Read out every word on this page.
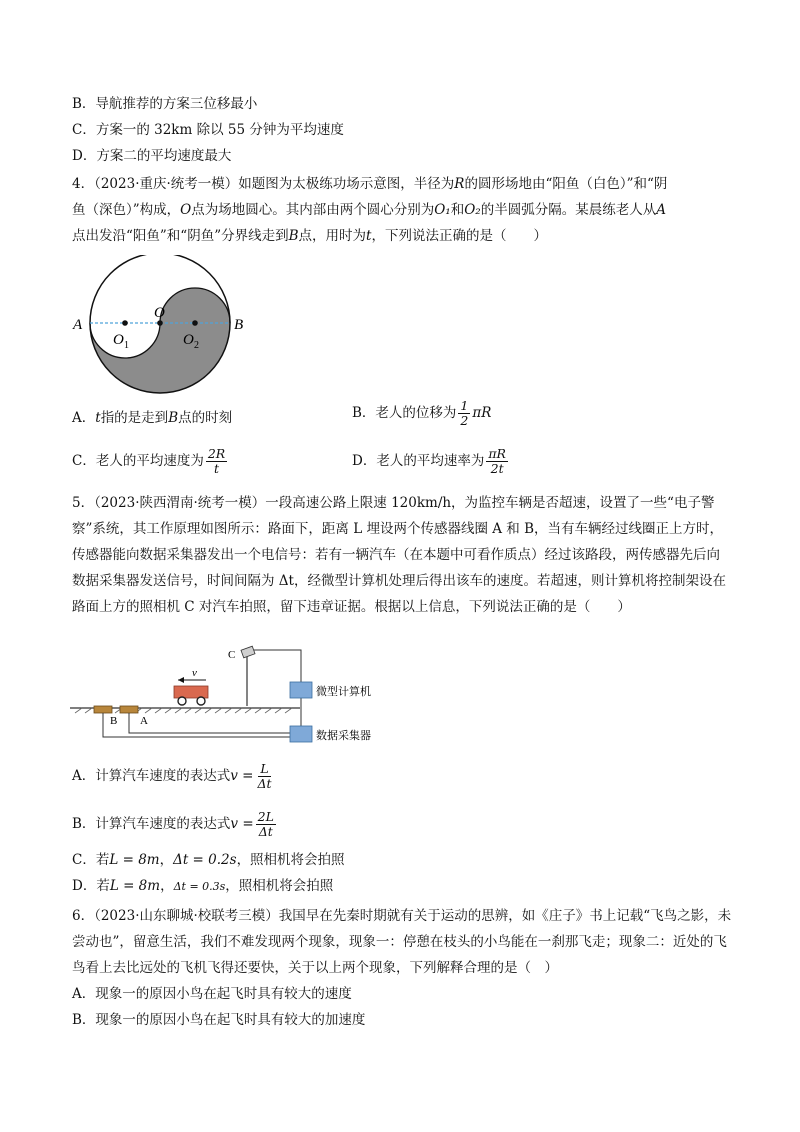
B．导航推荐的方案三位移最小
C．方案一的 32km 除以 55 分钟为平均速度
D．方案二的平均速度最大
4．（2023·重庆·统考一模）如题图为太极练功场示意图，半径为R的圆形场地由“阳鱼（白色）”和“阴
鱼（深色）”构成，O点为场地圆心。其内部由两个圆心分别为O₁和O₂的半圆弧分隔。某晨练老人从A
点出发沿“阳鱼”和“阴鱼”分界线走到B点，用时为t，下列说法正确的是（　　）
A	B
O
O 1	O 2
A．t指的是走到B点的时刻	B．老人的位移为 $\frac{1}{2}$ πR
C．老人的平均速度为 $\frac{2R}{t}$	D．老人的平均速率为 $\frac{\pi R}{2t}$
5．（2023·陕西渭南·统考一模）一段高速公路上限速 120km/h，为监控车辆是否超速，设置了一些“电子警察”系统，其工作原理如图所示：路面下，距离 L 埋设两个传感器线圈 A 和 B，当有车辆经过线圈正上方时，传感器能向数据采集器发出一个电信号：若有一辆汽车（在本题中可看作质点）经过该路段，两传感器先后向数据采集器发送信号，时间间隔为 Δt，经微型计算机处理后得出该车的速度。若超速，则计算机将控制架设在路面上方的照相机 C 对汽车拍照，留下违章证据。根据以上信息，下列说法正确的是（　　）
B A
v
C
微型计算机
数据采集器
A．计算汽车速度的表达式$v = \frac{L}{\Delta t}$
B．计算汽车速度的表达式$v = \frac{2L}{\Delta t}$
C．若L = 8m，Δt = 0.2s，照相机将会拍照
D．若L = 8m，Δt = 0.3s，照相机将会拍照
6．（2023·山东聊城·校联考三模）我国早在先秦时期就有关于运动的思辨，如《庄子》书上记载“飞鸟之影，未尝动也”，留意生活，我们不难发现两个现象，现象一：停憩在枝头的小鸟能在一刹那飞走；现象二：近处的飞鸟看上去比远处的飞机飞得还要快，关于以上两个现象，下列解释合理的是（　）
A．现象一的原因小鸟在起飞时具有较大的速度
B．现象一的原因小鸟在起飞时具有较大的加速度
